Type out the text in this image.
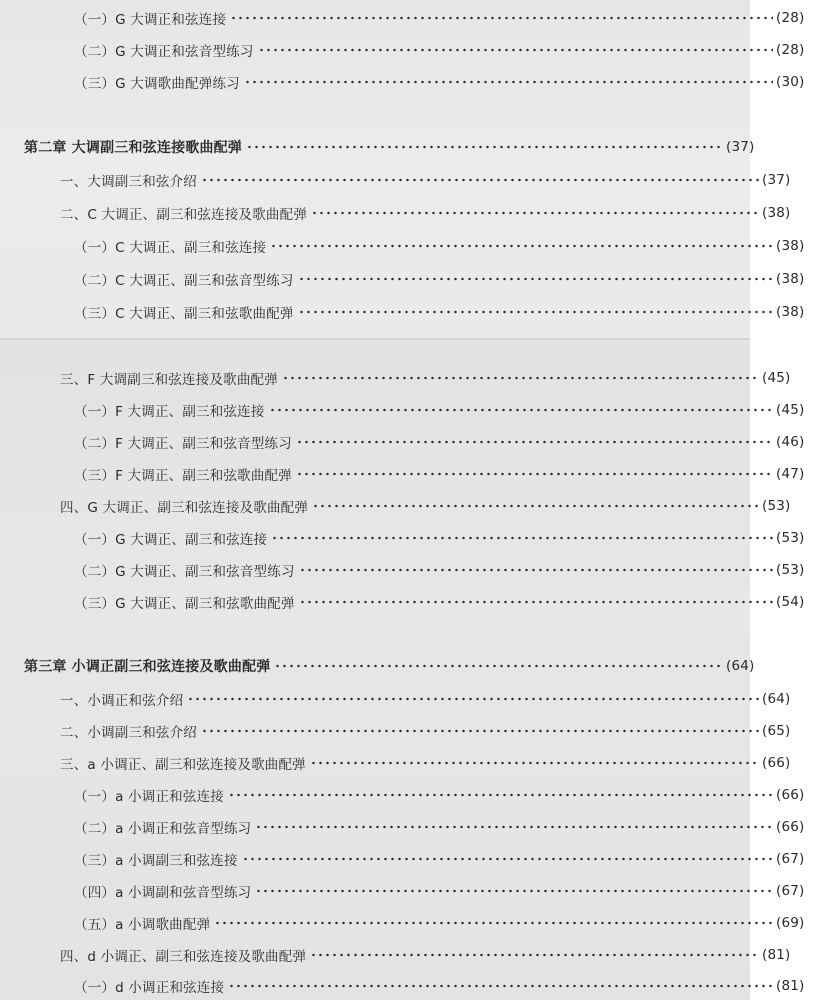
（一）G 大调正和弦连接	(28)
（二）G 大调正和弦音型练习	(28)
（三）G 大调歌曲配弹练习	(30)
第二章 大调副三和弦连接歌曲配弹	(37)
一、大调副三和弦介绍	(37)
二、C 大调正、副三和弦连接及歌曲配弹	(38)
（一）C 大调正、副三和弦连接	(38)
（二）C 大调正、副三和弦音型练习	(38)
（三）C 大调正、副三和弦歌曲配弹	(38)
三、F 大调副三和弦连接及歌曲配弹	(45)
（一）F 大调正、副三和弦连接	(45)
（二）F 大调正、副三和弦音型练习	(46)
（三）F 大调正、副三和弦歌曲配弹	(47)
四、G 大调正、副三和弦连接及歌曲配弹	(53)
（一）G 大调正、副三和弦连接	(53)
（二）G 大调正、副三和弦音型练习	(53)
（三）G 大调正、副三和弦歌曲配弹	(54)
第三章 小调正副三和弦连接及歌曲配弹	(64)
一、小调正和弦介绍	(64)
二、小调副三和弦介绍	(65)
三、a 小调正、副三和弦连接及歌曲配弹	(66)
（一）a 小调正和弦连接	(66)
（二）a 小调正和弦音型练习	(66)
（三）a 小调副三和弦连接	(67)
（四）a 小调副和弦音型练习	(67)
（五）a 小调歌曲配弹	(69)
四、d 小调正、副三和弦连接及歌曲配弹	(81)
（一）d 小调正和弦连接	(81)
